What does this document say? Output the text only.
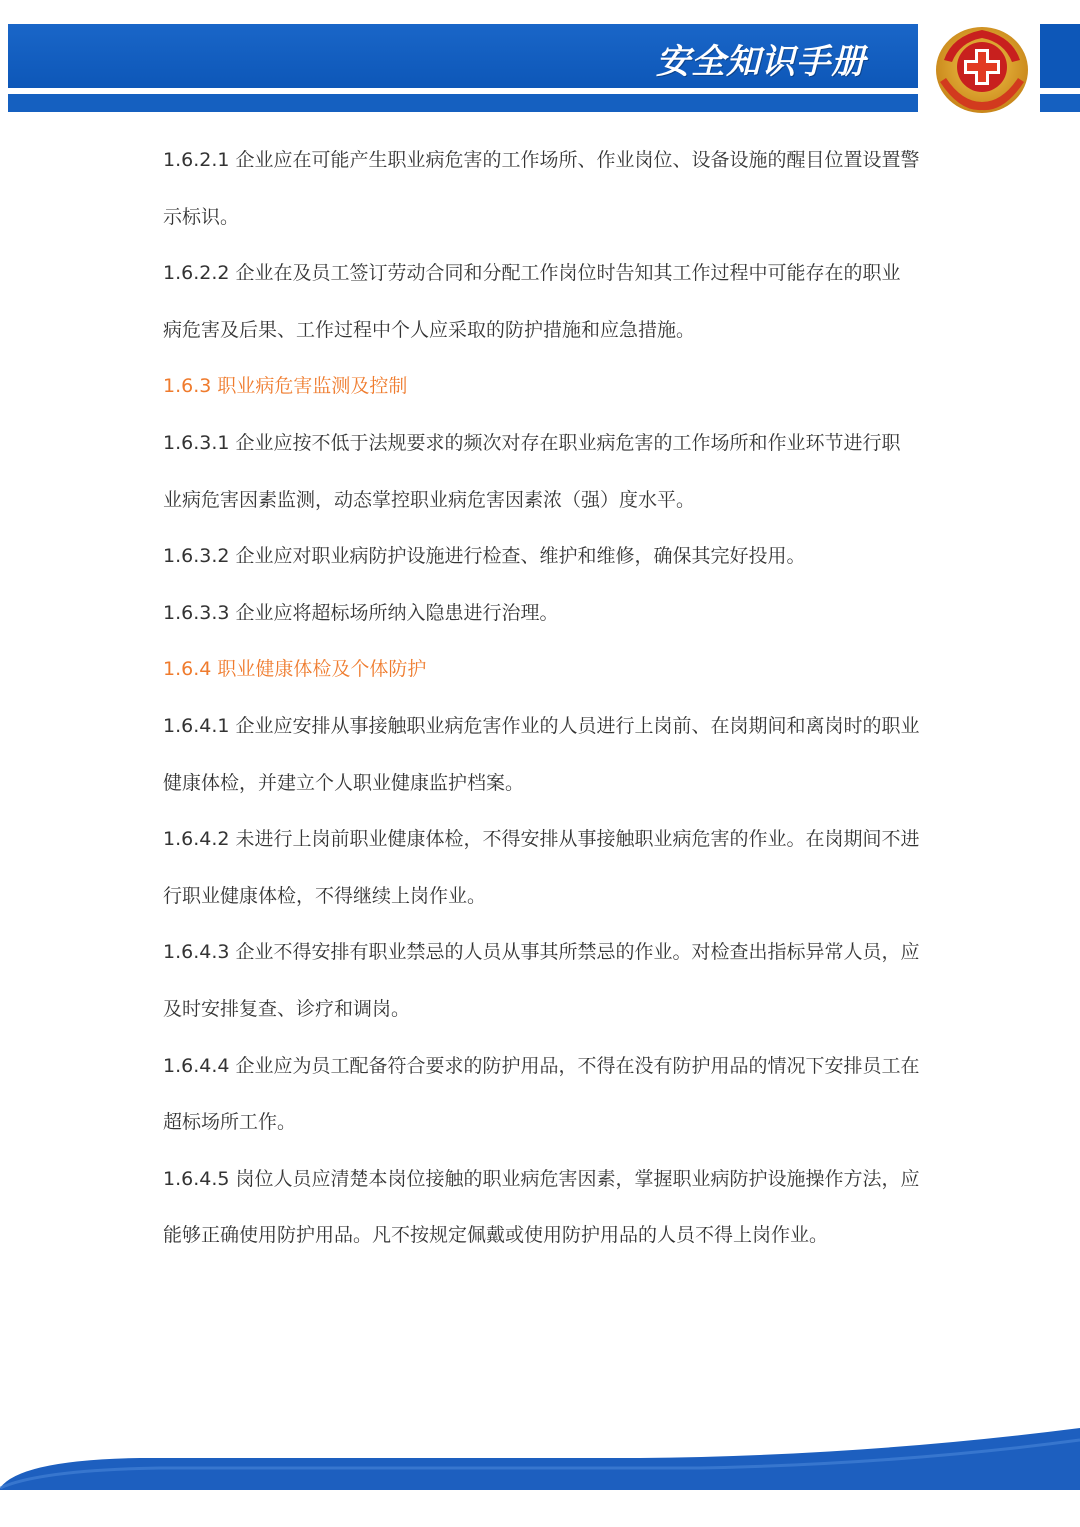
安全知识手册
1.6.2.1 企业应在可能产生职业病危害的工作场所、作业岗位、设备设施的醒目位置设置警
示标识。
1.6.2.2 企业在及员工签订劳动合同和分配工作岗位时告知其工作过程中可能存在的职业
病危害及后果、工作过程中个人应采取的防护措施和应急措施。
1.6.3 职业病危害监测及控制
1.6.3.1 企业应按不低于法规要求的频次对存在职业病危害的工作场所和作业环节进行职
业病危害因素监测，动态掌控职业病危害因素浓（强）度水平。
1.6.3.2 企业应对职业病防护设施进行检查、维护和维修，确保其完好投用。
1.6.3.3 企业应将超标场所纳入隐患进行治理。
1.6.4 职业健康体检及个体防护
1.6.4.1 企业应安排从事接触职业病危害作业的人员进行上岗前、在岗期间和离岗时的职业
健康体检，并建立个人职业健康监护档案。
1.6.4.2 未进行上岗前职业健康体检，不得安排从事接触职业病危害的作业。在岗期间不进
行职业健康体检，不得继续上岗作业。
1.6.4.3 企业不得安排有职业禁忌的人员从事其所禁忌的作业。对检查出指标异常人员，应
及时安排复查、诊疗和调岗。
1.6.4.4 企业应为员工配备符合要求的防护用品，不得在没有防护用品的情况下安排员工在
超标场所工作。
1.6.4.5 岗位人员应清楚本岗位接触的职业病危害因素，掌握职业病防护设施操作方法，应
能够正确使用防护用品。凡不按规定佩戴或使用防护用品的人员不得上岗作业。
